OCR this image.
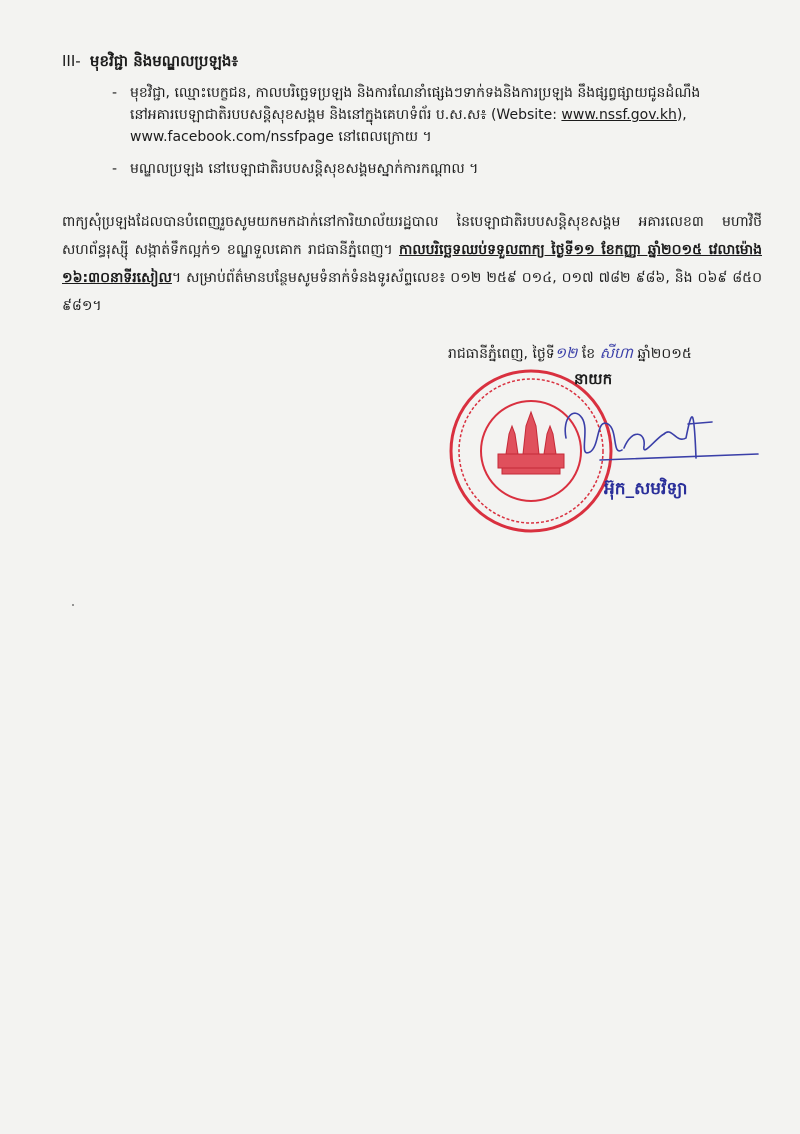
III- មុខវិជ្ជា និងមណ្ឌលប្រឡង៖
- មុខវិជ្ជា, ឈ្មោះបេក្ខជន, កាលបរិច្ឆេទប្រឡង និងការណែនាំផ្សេងៗទាក់ទងនិងការប្រឡង នឹងផ្សព្វផ្សាយជូនដំណឹង
នៅអគារបេឡាជាតិរបបសន្តិសុខសង្គម និងនៅក្នុងគេហទំព័រ ប.ស.ស៖ (Website: www.nssf.gov.kh),
www.facebook.com/nssfpage នៅពេលក្រោយ ។
- មណ្ឌលប្រឡង នៅបេឡាជាតិរបបសន្តិសុខសង្គមស្នាក់ការកណ្តាល ។
ពាក្យសុំប្រឡងដែលបានបំពេញរួចសូមយកមកដាក់នៅការិយាល័យរដ្ឋបាល នៃបេឡាជាតិរបបសន្តិសុខសង្គម អគារលេខ៣ មហាវិថីសហព័ន្ធរុស្ស៊ី សង្កាត់ទឹកល្អក់១ ខណ្ឌទួលគោក រាជធានីភ្នំពេញ។ កាលបរិច្ឆេទឈប់ទទួលពាក្យ ថ្ងៃទី១១ ខែកញ្ញា ឆ្នាំ២០១៥ វេលាម៉ោង ១៦:៣០នាទីរសៀល។ សម្រាប់ព័ត៌មានបន្ថែមសូមទំនាក់ទំនងទូរស័ព្ទលេខ៖ ០១២ ២៥៩ ០១៤, ០១៧ ៧៨២ ៩៨៦, និង ០៦៩ ៨៥០ ៩៨១។
រាជធានីភ្នំពេញ, ថ្ងៃទី១២ ខែ សីហា ឆ្នាំ២០១៥
នាយក
អ៊ុក_សមវិទ្យា
